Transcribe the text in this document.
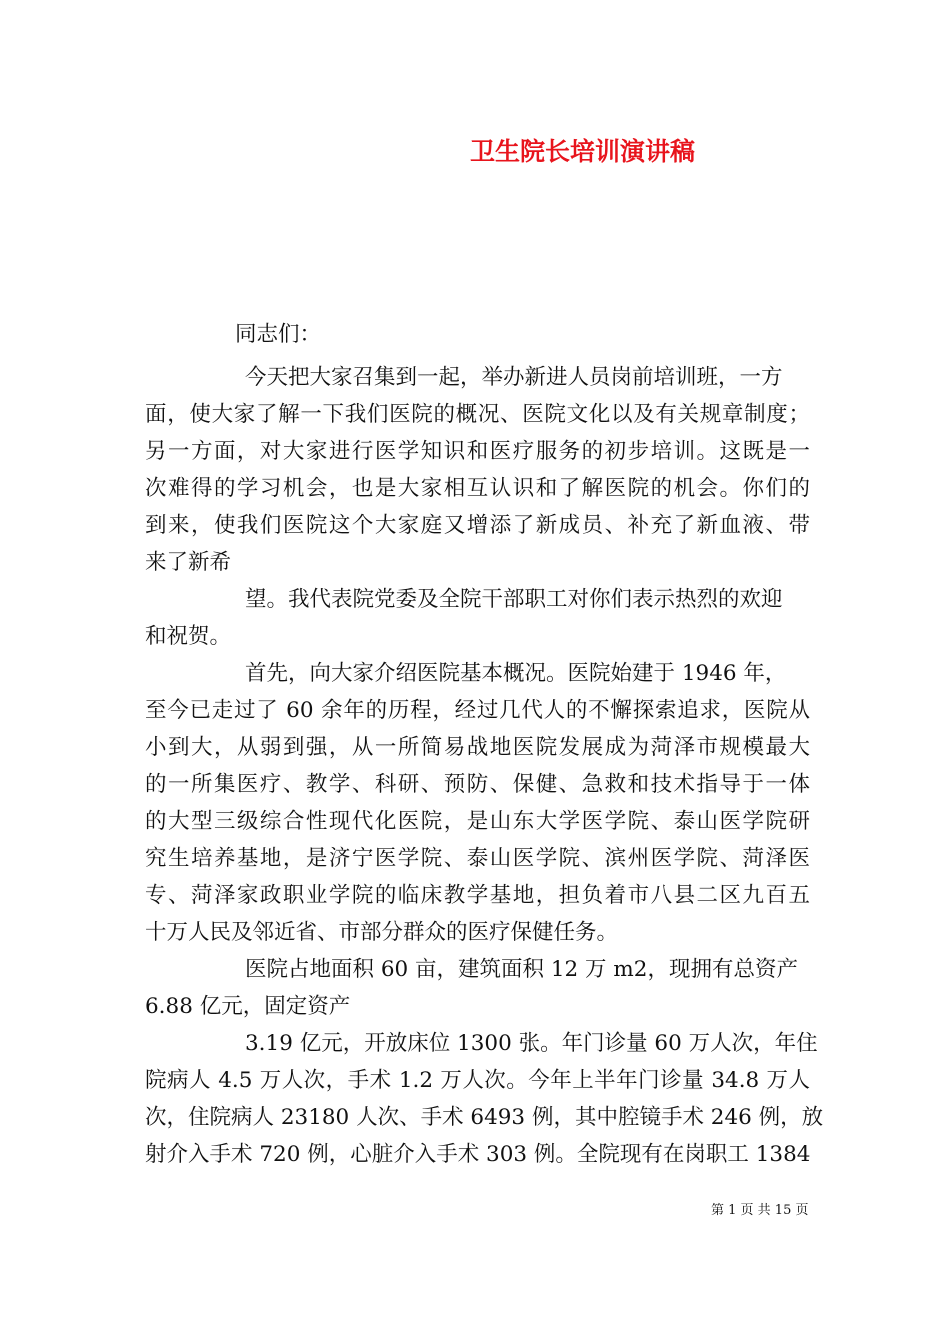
卫生院长培训演讲稿
同志们：
今天把大家召集到一起，举办新进人员岗前培训班，一方
面，使大家了解一下我们医院的概况、医院文化以及有关规章制度；
另一方面，对大家进行医学知识和医疗服务的初步培训。这既是一
次难得的学习机会，也是大家相互认识和了解医院的机会。你们的
到来，使我们医院这个大家庭又增添了新成员、补充了新血液、带
来了新希
望。我代表院党委及全院干部职工对你们表示热烈的欢迎
和祝贺。
首先，向大家介绍医院基本概况。医院始建于 1946 年，
至今已走过了 60 余年的历程，经过几代人的不懈探索追求，医院从
小到大，从弱到强，从一所简易战地医院发展成为菏泽市规模最大
的一所集医疗、教学、科研、预防、保健、急救和技术指导于一体
的大型三级综合性现代化医院，是山东大学医学院、泰山医学院研
究生培养基地，是济宁医学院、泰山医学院、滨州医学院、菏泽医
专、菏泽家政职业学院的临床教学基地，担负着市八县二区九百五
十万人民及邻近省、市部分群众的医疗保健任务。
医院占地面积 60 亩，建筑面积 12 万 m2，现拥有总资产
6.88 亿元，固定资产
3.19 亿元，开放床位 1300 张。年门诊量 60 万人次，年住
院病人 4.5 万人次，手术 1.2 万人次。今年上半年门诊量 34.8 万人
次，住院病人 23180 人次、手术 6493 例，其中腔镜手术 246 例，放
射介入手术 720 例，心脏介入手术 303 例。全院现有在岗职工 1384
第 1 页 共 15 页
